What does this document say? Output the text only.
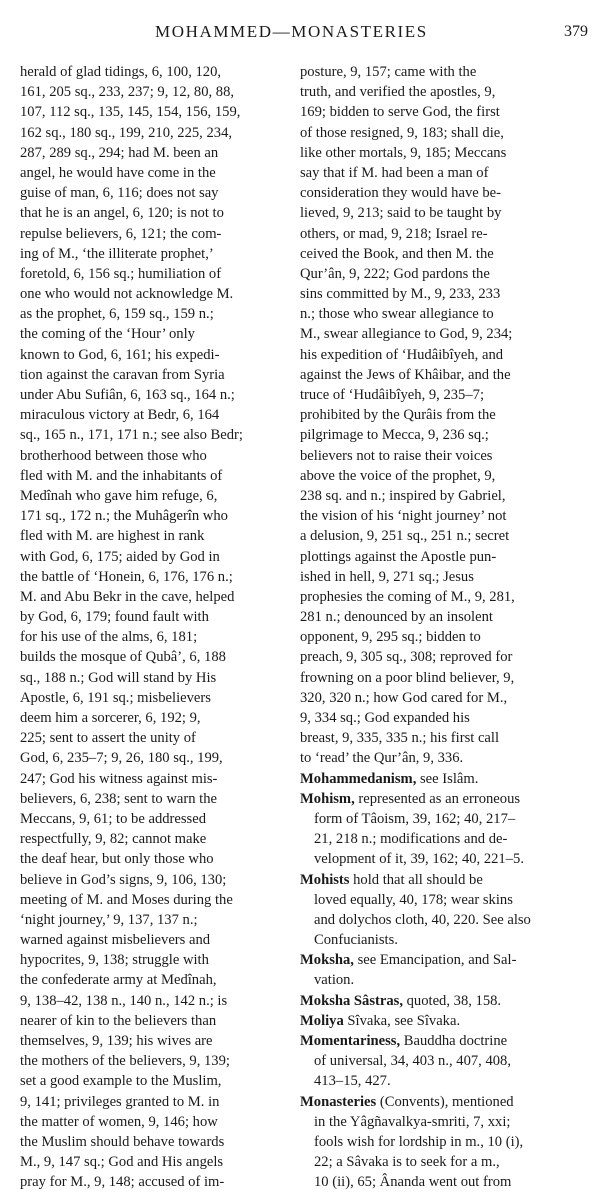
MOHAMMED—MONASTERIES	379
herald of glad tidings, 6, 100, 120,
161, 205 sq., 233, 237; 9, 12, 80, 88,
107, 112 sq., 135, 145, 154, 156, 159,
162 sq., 180 sq., 199, 210, 225, 234,
287, 289 sq., 294; had M. been an
angel, he would have come in the
guise of man, 6, 116; does not say
that he is an angel, 6, 120; is not to
repulse believers, 6, 121; the com-
ing of M., ‘the illiterate prophet,’
foretold, 6, 156 sq.; humiliation of
one who would not acknowledge M.
as the prophet, 6, 159 sq., 159 n.;
the coming of the ‘Hour’ only
known to God, 6, 161; his expedi-
tion against the caravan from Syria
under Abu Sufiân, 6, 163 sq., 164 n.;
miraculous victory at Bedr, 6, 164
sq., 165 n., 171, 171 n.; see also Bedr;
brotherhood between those who
fled with M. and the inhabitants of
Medînah who gave him refuge, 6,
171 sq., 172 n.; the Muhâgerîn who
fled with M. are highest in rank
with God, 6, 175; aided by God in
the battle of ‘Honein, 6, 176, 176 n.;
M. and Abu Bekr in the cave, helped
by God, 6, 179; found fault with
for his use of the alms, 6, 181;
builds the mosque of Qubâ’, 6, 188
sq., 188 n.; God will stand by His
Apostle, 6, 191 sq.; misbelievers
deem him a sorcerer, 6, 192; 9,
225; sent to assert the unity of
God, 6, 235–7; 9, 26, 180 sq., 199,
247; God his witness against mis-
believers, 6, 238; sent to warn the
Meccans, 9, 61; to be addressed
respectfully, 9, 82; cannot make
the deaf hear, but only those who
believe in God’s signs, 9, 106, 130;
meeting of M. and Moses during the
‘night journey,’ 9, 137, 137 n.;
warned against misbelievers and
hypocrites, 9, 138; struggle with
the confederate army at Medînah,
9, 138–42, 138 n., 140 n., 142 n.; is
nearer of kin to the believers than
themselves, 9, 139; his wives are
the mothers of the believers, 9, 139;
set a good example to the Muslim,
9, 141; privileges granted to M. in
the matter of women, 9, 146; how
the Muslim should behave towards
M., 9, 147 sq.; God and His angels
pray for M., 9, 148; accused of im-
posture, 9, 157; came with the
truth, and verified the apostles, 9,
169; bidden to serve God, the first
of those resigned, 9, 183; shall die,
like other mortals, 9, 185; Meccans
say that if M. had been a man of
consideration they would have be-
lieved, 9, 213; said to be taught by
others, or mad, 9, 218; Israel re-
ceived the Book, and then M. the
Qur’ân, 9, 222; God pardons the
sins committed by M., 9, 233, 233
n.; those who swear allegiance to
M., swear allegiance to God, 9, 234;
his expedition of ‘Hudâibîyeh, and
against the Jews of Khâibar, and the
truce of ‘Hudâibîyeh, 9, 235–7;
prohibited by the Qurâis from the
pilgrimage to Mecca, 9, 236 sq.;
believers not to raise their voices
above the voice of the prophet, 9,
238 sq. and n.; inspired by Gabriel,
the vision of his ‘night journey’ not
a delusion, 9, 251 sq., 251 n.; secret
plottings against the Apostle pun-
ished in hell, 9, 271 sq.; Jesus
prophesies the coming of M., 9, 281,
281 n.; denounced by an insolent
opponent, 9, 295 sq.; bidden to
preach, 9, 305 sq., 308; reproved for
frowning on a poor blind believer, 9,
320, 320 n.; how God cared for M.,
9, 334 sq.; God expanded his
breast, 9, 335, 335 n.; his first call
to ‘read’ the Qur’ân, 9, 336.
Mohammedanism, see Islâm.
Mohism, represented as an erroneous
form of Tâoism, 39, 162; 40, 217–
21, 218 n.; modifications and de-
velopment of it, 39, 162; 40, 221–5.
Mohists hold that all should be
loved equally, 40, 178; wear skins
and dolychos cloth, 40, 220. See also
Confucianists.
Moksha, see Emancipation, and Sal-
vation.
Moksha Sâstras, quoted, 38, 158.
Moliya Sîvaka, see Sîvaka.
Momentariness, Bauddha doctrine
of universal, 34, 403 n., 407, 408,
413–15, 427.
Monasteries (Convents), mentioned
in the Yâgñavalkya-smriti, 7, xxi;
fools wish for lordship in m., 10 (i),
22; a Sâvaka is to seek for a m.,
10 (ii), 65; Ânanda went out from
